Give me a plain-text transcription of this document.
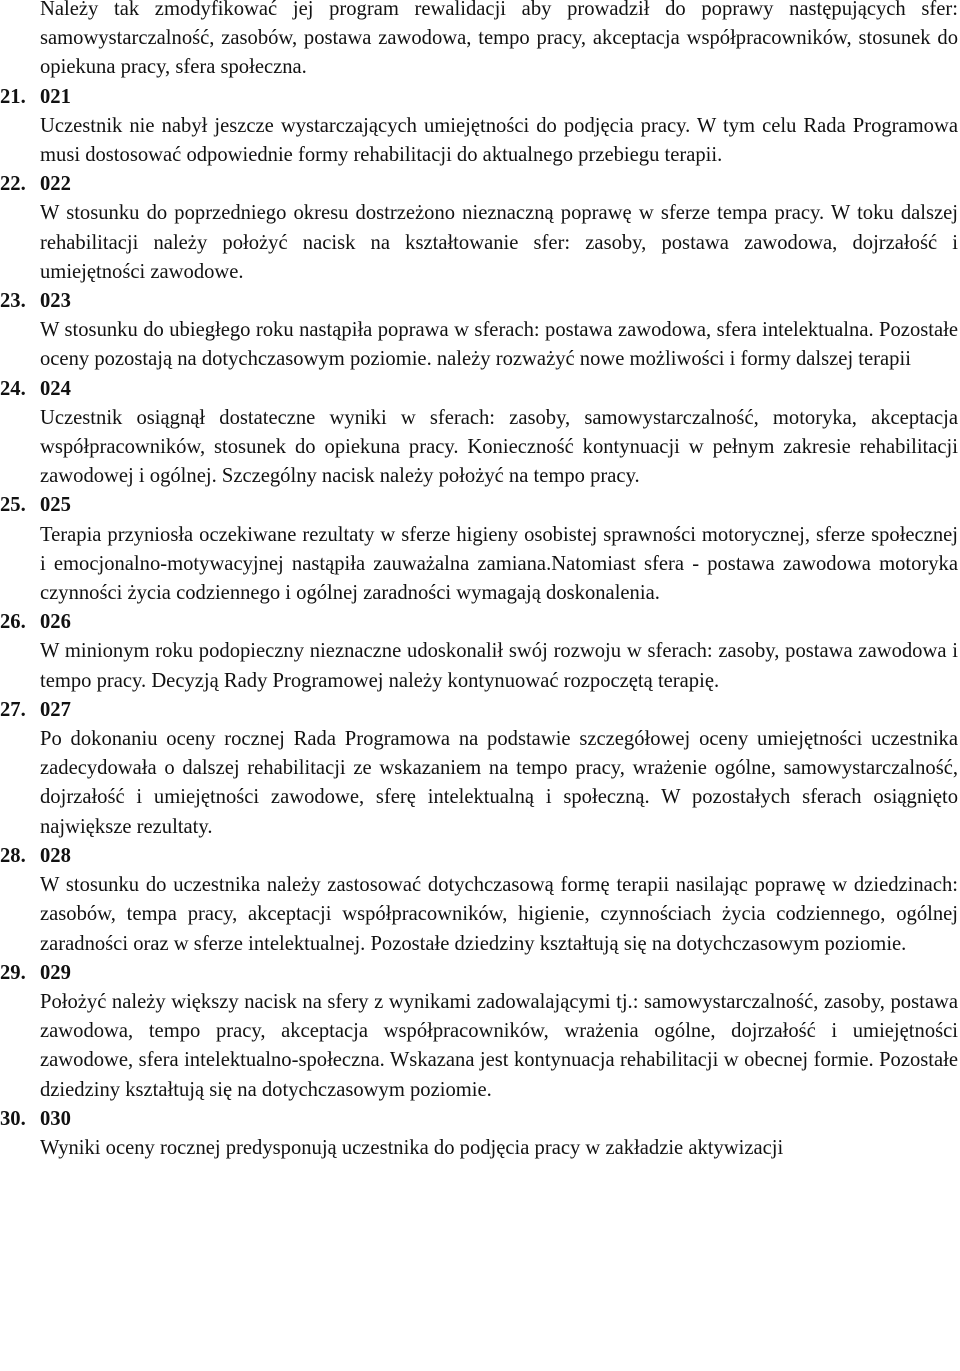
Należy tak zmodyfikować jej program rewalidacji aby prowadził do poprawy następujących sfer: samowystarczalność, zasobów, postawa zawodowa, tempo pracy, akceptacja współpracowników, stosunek do opiekuna pracy, sfera społeczna.

21. 021

Uczestnik nie nabył jeszcze wystarczających umiejętności do podjęcia pracy. W tym celu Rada Programowa musi dostosować odpowiednie formy rehabilitacji do aktualnego przebiegu terapii.

22. 022

W stosunku do poprzedniego okresu dostrzeżono nieznaczną poprawę w sferze tempa pracy. W toku dalszej rehabilitacji należy położyć nacisk na kształtowanie sfer: zasoby, postawa zawodowa, dojrzałość i umiejętności zawodowe.

23. 023

W stosunku do ubiegłego roku nastąpiła poprawa w sferach: postawa zawodowa, sfera intelektualna. Pozostałe oceny pozostają na dotychczasowym poziomie. należy rozważyć nowe możliwości i formy dalszej terapii

24. 024

Uczestnik osiągnął dostateczne wyniki w sferach: zasoby, samowystarczalność, motoryka, akceptacja współpracowników, stosunek do opiekuna pracy. Konieczność kontynuacji w pełnym zakresie rehabilitacji zawodowej i ogólnej. Szczególny nacisk należy położyć na tempo pracy.

25. 025

Terapia przyniosła oczekiwane rezultaty w sferze higieny osobistej sprawności motorycznej, sferze społecznej i emocjonalno-motywacyjnej nastąpiła zauważalna zamiana.Natomiast sfera - postawa zawodowa motoryka czynności życia codziennego i ogólnej zaradności wymagają doskonalenia.

26. 026

W minionym roku podopieczny nieznaczne udoskonalił swój rozwoju w sferach: zasoby, postawa zawodowa i tempo pracy. Decyzją Rady Programowej należy kontynuować rozpoczętą terapię.

27. 027

Po dokonaniu oceny rocznej Rada Programowa na podstawie szczegółowej oceny umiejętności uczestnika zadecydowała o dalszej rehabilitacji ze wskazaniem na tempo pracy, wrażenie ogólne, samowystarczalność, dojrzałość i umiejętności zawodowe, sferę intelektualną i społeczną. W pozostałych sferach osiągnięto największe rezultaty.

28. 028

W stosunku do uczestnika należy zastosować dotychczasową formę terapii nasilając poprawę w dziedzinach: zasobów, tempa pracy, akceptacji współpracowników, higienie, czynnościach życia codziennego, ogólnej zaradności oraz w sferze intelektualnej. Pozostałe dziedziny kształtują się na dotychczasowym poziomie.

29. 029

Położyć należy większy nacisk na sfery z wynikami zadowalającymi tj.: samowystarczalność, zasoby, postawa zawodowa, tempo pracy, akceptacja współpracowników, wrażenia ogólne, dojrzałość i umiejętności zawodowe, sfera intelektualno-społeczna. Wskazana jest kontynuacja rehabilitacji w obecnej formie. Pozostałe dziedziny kształtują się na dotychczasowym poziomie.

30. 030

Wyniki oceny rocznej predysponują uczestnika do podjęcia pracy w zakładzie aktywizacji
